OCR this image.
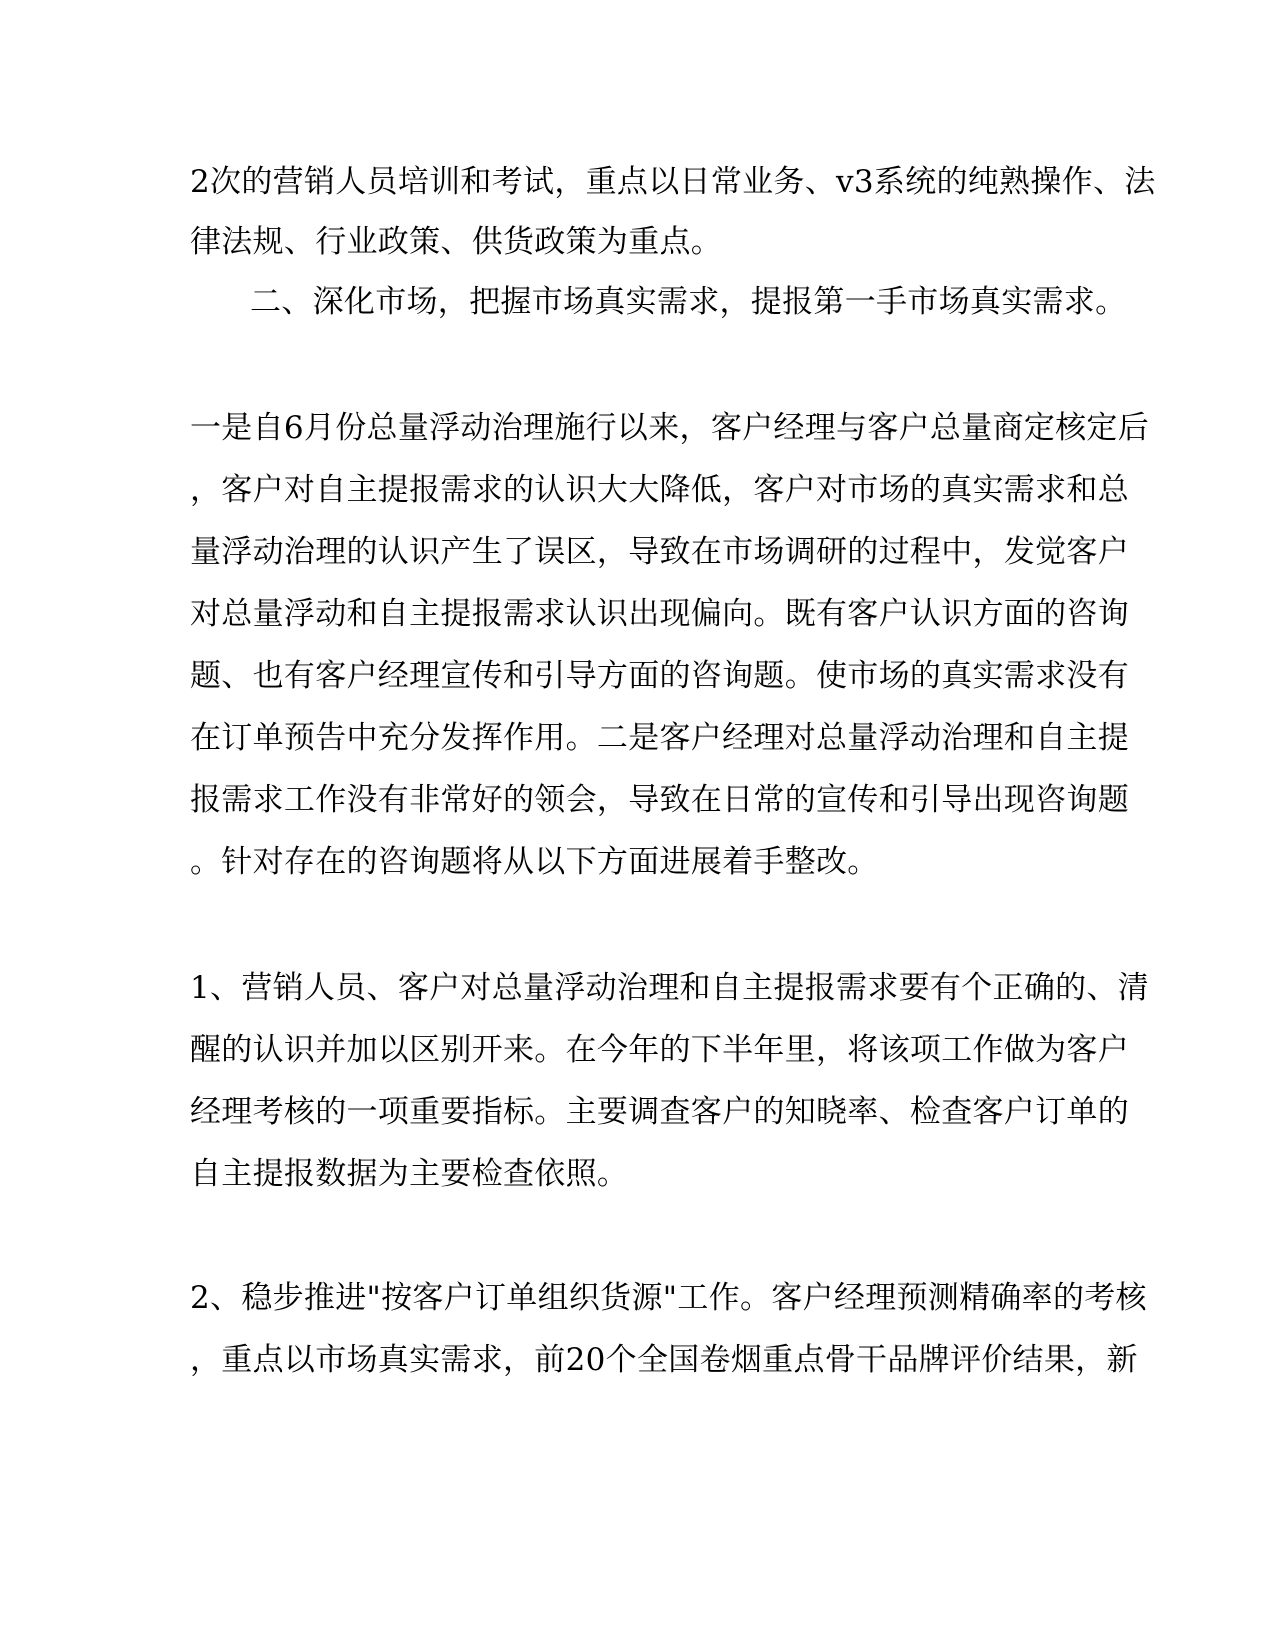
2次的营销人员培训和考试，重点以日常业务、v3系统的纯熟操作、法
律法规、行业政策、供货政策为重点。
二、深化市场，把握市场真实需求，提报第一手市场真实需求。
一是自6月份总量浮动治理施行以来，客户经理与客户总量商定核定后
，客户对自主提报需求的认识大大降低，客户对市场的真实需求和总
量浮动治理的认识产生了误区，导致在市场调研的过程中，发觉客户
对总量浮动和自主提报需求认识出现偏向。既有客户认识方面的咨询
题、也有客户经理宣传和引导方面的咨询题。使市场的真实需求没有
在订单预告中充分发挥作用。二是客户经理对总量浮动治理和自主提
报需求工作没有非常好的领会，导致在日常的宣传和引导出现咨询题
。针对存在的咨询题将从以下方面进展着手整改。
1、营销人员、客户对总量浮动治理和自主提报需求要有个正确的、清
醒的认识并加以区别开来。在今年的下半年里，将该项工作做为客户
经理考核的一项重要指标。主要调查客户的知晓率、检查客户订单的
自主提报数据为主要检查依照。
2、稳步推进"按客户订单组织货源"工作。客户经理预测精确率的考核
，重点以市场真实需求，前20个全国卷烟重点骨干品牌评价结果，新
